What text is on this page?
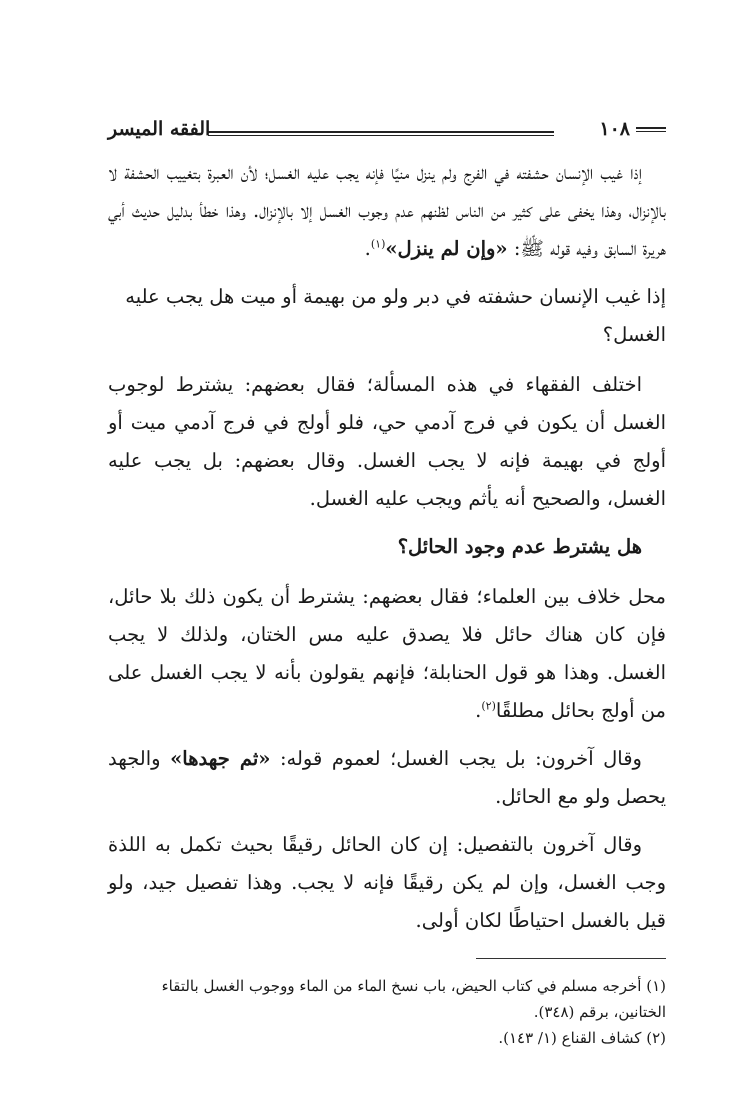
١٠٨
الفقه الميسر

إذا غيب الإنسان حشفته في الفرج ولم ينزل منيًا فإنه يجب عليه الغسل؛ لأن العبرة بتغييب الحشفة لا بالإنزال، وهذا يخفى على كثير من الناس لظنهم عدم وجوب الغسل إلا بالإنزال. وهذا خطأ بدليل حديث أبي هريرة السابق وفيه قوله ﷺ: «وإن لم ينزل»$^{(١)}$.

إذا غيب الإنسان حشفته في دبر ولو من بهيمة أو ميت هل يجب عليه الغسل؟

اختلف الفقهاء في هذه المسألة؛ فقال بعضهم: يشترط لوجوب الغسل أن يكون في فرج آدمي حي، فلو أولج في فرج آدمي ميت أو أولج في بهيمة فإنه لا يجب الغسل. وقال بعضهم: بل يجب عليه الغسل، والصحيح أنه يأثم ويجب عليه الغسل.

هل يشترط عدم وجود الحائل؟

محل خلاف بين العلماء؛ فقال بعضهم: يشترط أن يكون ذلك بلا حائل، فإن كان هناك حائل فلا يصدق عليه مس الختان، ولذلك لا يجب الغسل. وهذا هو قول الحنابلة؛ فإنهم يقولون بأنه لا يجب الغسل على من أولج بحائل مطلقًا$^{(٢)}$.

وقال آخرون: بل يجب الغسل؛ لعموم قوله: «ثم جهدها» والجهد يحصل ولو مع الحائل.

وقال آخرون بالتفصيل: إن كان الحائل رقيقًا بحيث تكمل به اللذة وجب الغسل، وإن لم يكن رقيقًا فإنه لا يجب. وهذا تفصيل جيد، ولو قيل بالغسل احتياطًا لكان أولى.

(١) أخرجه مسلم في كتاب الحيض، باب نسخ الماء من الماء ووجوب الغسل بالتقاء الختانين، برقم (٣٤٨).

(٢) كشاف القناع (١/ ١٤٣).
